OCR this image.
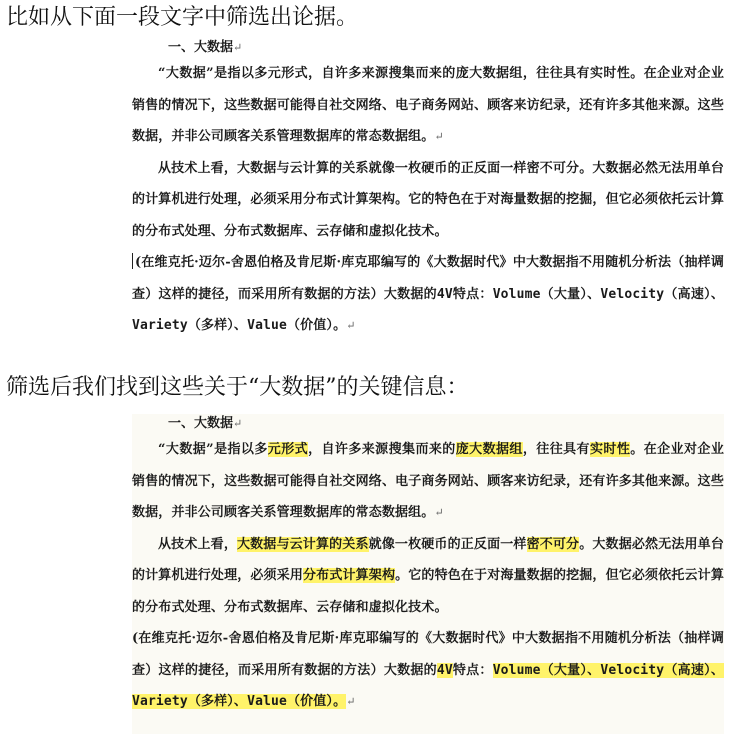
比如从下面一段文字中筛选出论据。
一、大数据↵

“大数据”是指以多元形式，自许多来源搜集而来的庞大数据组，往往具有实时性。在企业对企业销售的情况下，这些数据可能得自社交网络、电子商务网站、顾客来访纪录，还有许多其他来源。这些数据，并非公司顾客关系管理数据库的常态数据组。↵

从技术上看，大数据与云计算的关系就像一枚硬币的正反面一样密不可分。大数据必然无法用单台的计算机进行处理，必须采用分布式计算架构。它的特色在于对海量数据的挖掘，但它必须依托云计算的分布式处理、分布式数据库、云存储和虚拟化技术。

(在维克托·迈尔-舍恩伯格及肯尼斯·库克耶编写的《大数据时代》中大数据指不用随机分析法（抽样调查）这样的捷径，而采用所有数据的方法）大数据的4V特点：Volume（大量）、Velocity（高速）、Variety（多样）、Value（价值）。↵

筛选后我们找到这些关于“大数据”的关键信息：
一、大数据↵

“大数据”是指以多元形式，自许多来源搜集而来的庞大数据组，往往具有实时性。在企业对企业销售的情况下，这些数据可能得自社交网络、电子商务网站、顾客来访纪录，还有许多其他来源。这些数据，并非公司顾客关系管理数据库的常态数据组。↵

从技术上看，大数据与云计算的关系就像一枚硬币的正反面一样密不可分。大数据必然无法用单台的计算机进行处理，必须采用分布式计算架构。它的特色在于对海量数据的挖掘，但它必须依托云计算的分布式处理、分布式数据库、云存储和虚拟化技术。

(在维克托·迈尔-舍恩伯格及肯尼斯·库克耶编写的《大数据时代》中大数据指不用随机分析法（抽样调查）这样的捷径，而采用所有数据的方法）大数据的4V特点：Volume（大量）、Velocity（高速）、Variety（多样）、Value（价值）。↵
